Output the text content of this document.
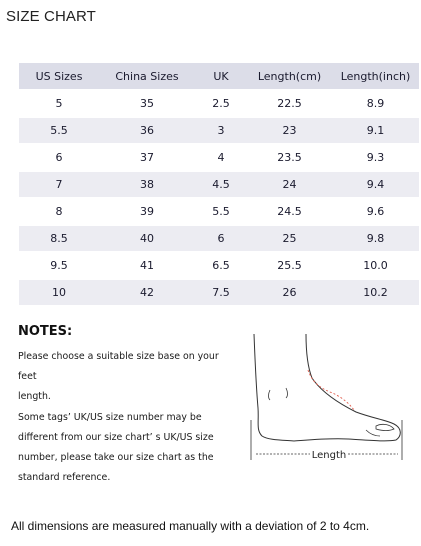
SIZE CHART
US Sizes	China Sizes	UK	Length(cm)	Length(inch)
5	35	2.5	22.5	8.9
5.5	36	3	23	9.1
6	37	4	23.5	9.3
7	38	4.5	24	9.4
8	39	5.5	24.5	9.6
8.5	40	6	25	9.8
9.5	41	6.5	25.5	10.0
10	42	7.5	26	10.2
NOTES:

Please choose a suitable size base on your feet

length.

Some tags’ UK/US size number may be

different from our size chart’ s UK/US size

number, please take our size chart as the

standard reference.

Length
All dimensions are measured manually with a deviation of 2 to 4cm.
